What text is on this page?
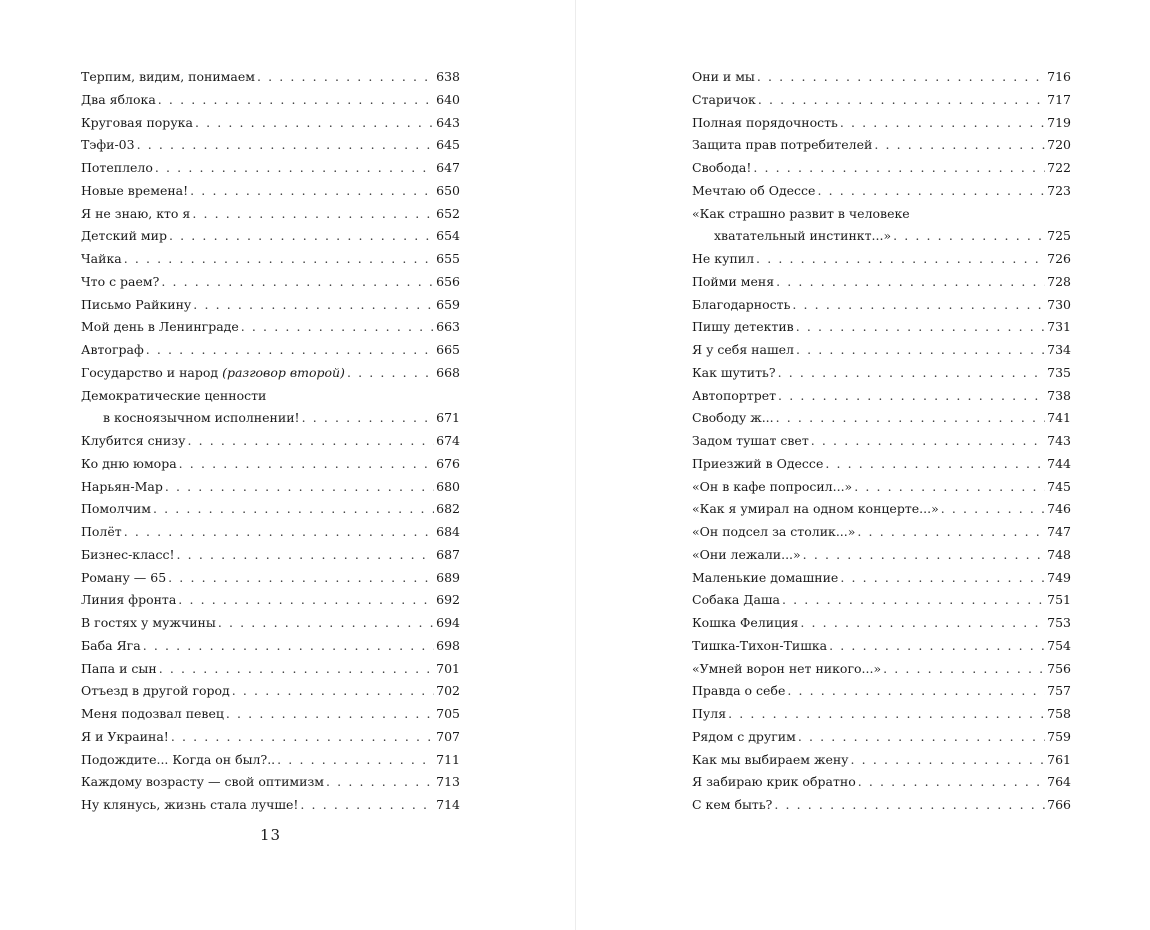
Терпим, видим, понимаем . . .	638
Два яблока . . .	640
Круговая порука . . .	643
Тэфи-03 . . .	645
Потеплело . . .	647
Новые времена! . . .	650
Я не знаю, кто я . . .	652
Детский мир . . .	654
Чайка . . .	655
Что с раем? . . .	656
Письмо Райкину . . .	659
Мой день в Ленинграде . . .	663
Автограф . . .	665
Государство и народ (разговор второй) . . .	668
Демократические ценности
в косноязычном исполнении! . . .	671
Клубится снизу . . .	674
Ко дню юмора . . .	676
Нарьян-Мар . . .	680
Помолчим . . .	682
Полёт . . .	684
Бизнес-класс! . . .	687
Роману — 65 . . .	689
Линия фронта . . .	692
В гостях у мужчины . . .	694
Баба Яга . . .	698
Папа и сын . . .	701
Отъезд в другой город . . .	702
Меня подозвал певец . . .	705
Я и Украина! . . .	707
Подождите... Когда он был?.. . . .	711
Каждому возрасту — свой оптимизм . . .	713
Ну клянусь, жизнь стала лучше! . . .	714
13
Они и мы . . .	716
Старичок . . .	717
Полная порядочность . . .	719
Защита прав потребителей . . .	720
Свобода! . . .	722
Мечтаю об Одессе . . .	723
«Как страшно развит в человеке
хватательный инстинкт...» . . .	725
Не купил . . .	726
Пойми меня . . .	728
Благодарность . . .	730
Пишу детектив . . .	731
Я у себя нашел . . .	734
Как шутить? . . .	735
Автопортрет . . .	738
Свободу ж... . . .	741
Задом тушат свет . . .	743
Приезжий в Одессе . . .	744
«Он в кафе попросил...» . . .	745
«Как я умирал на одном концерте...» . . .	746
«Он подсел за столик...» . . .	747
«Они лежали...» . . .	748
Маленькие домашние . . .	749
Собака Даша . . .	751
Кошка Фелиция . . .	753
Тишка-Тихон-Тишка . . .	754
«Умней ворон нет никого...» . . .	756
Правда о себе . . .	757
Пуля . . .	758
Рядом с другим . . .	759
Как мы выбираем жену . . .	761
Я забираю крик обратно . . .	764
С кем быть? . . .	766
